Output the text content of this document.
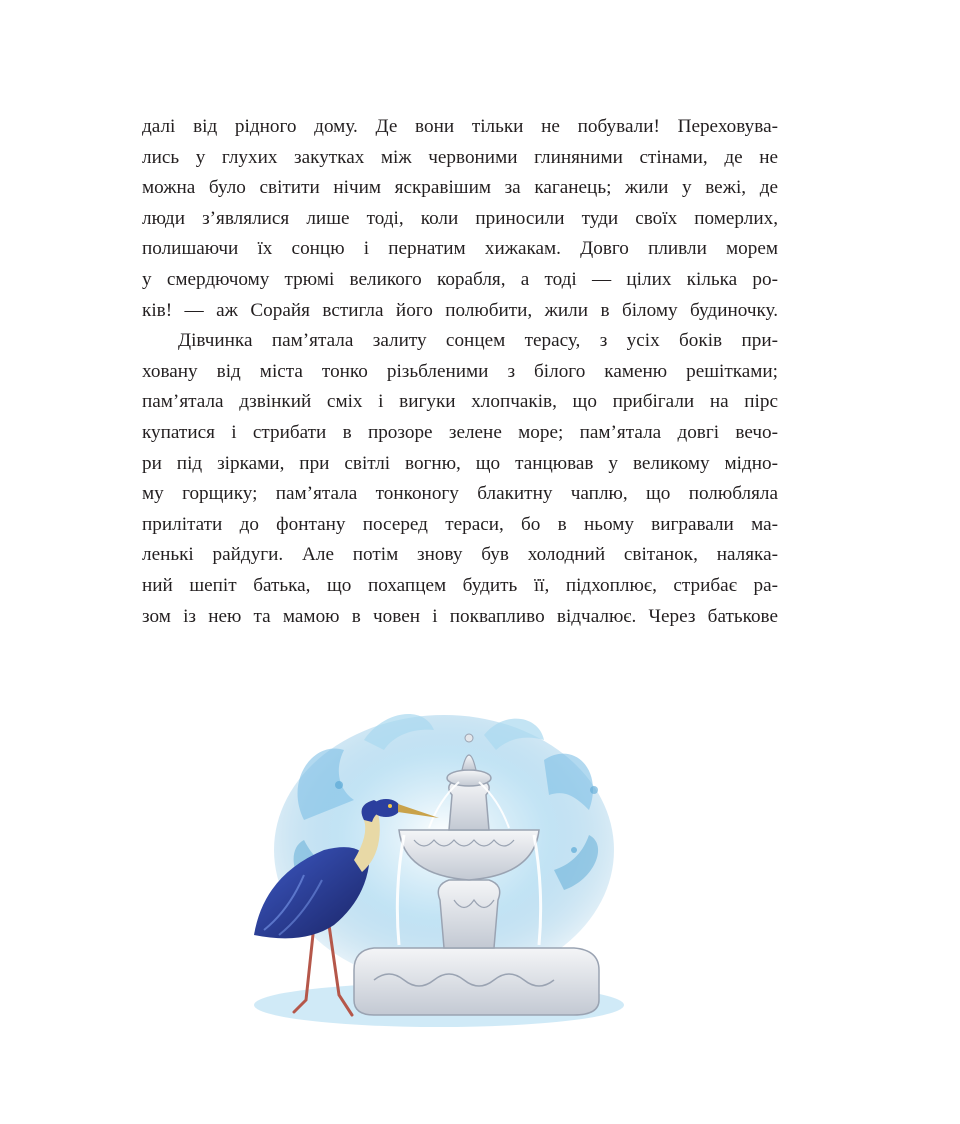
далі від рідного дому. Де вони тільки не побували! Переховува-
лись у глухих закутках між червоними глиняними стінами, де не
можна було світити нічим яскравішим за каганець; жили у вежі, де
люди з’являлися лише тоді, коли приносили туди своїх померлих,
полишаючи їх сонцю і пернатим хижакам. Довго пливли морем
у смердючому трюмі великого корабля, а тоді — цілих кілька ро-
ків! — аж Сорайя встигла його полюбити, жили в білому будиночку.
Дівчинка пам’ятала залиту сонцем терасу, з усіх боків при-
ховану від міста тонко різьбленими з білого каменю решітками;
пам’ятала дзвінкий сміх і вигуки хлопчаків, що прибігали на пірс
купатися і стрибати в прозоре зелене море; пам’ятала довгі вечо-
ри під зірками, при світлі вогню, що танцював у великому мідно-
му горщику; пам’ятала тонконогу блакитну чаплю, що полюбляла
прилітати до фонтану посеред тераси, бо в ньому вигравали ма-
ленькі райдуги. Але потім знову був холодний світанок, наляка-
ний шепіт батька, що похапцем будить її, підхоплює, стрибає ра-
зом із нею та мамою в човен і поквапливо відчалює. Через батькове
